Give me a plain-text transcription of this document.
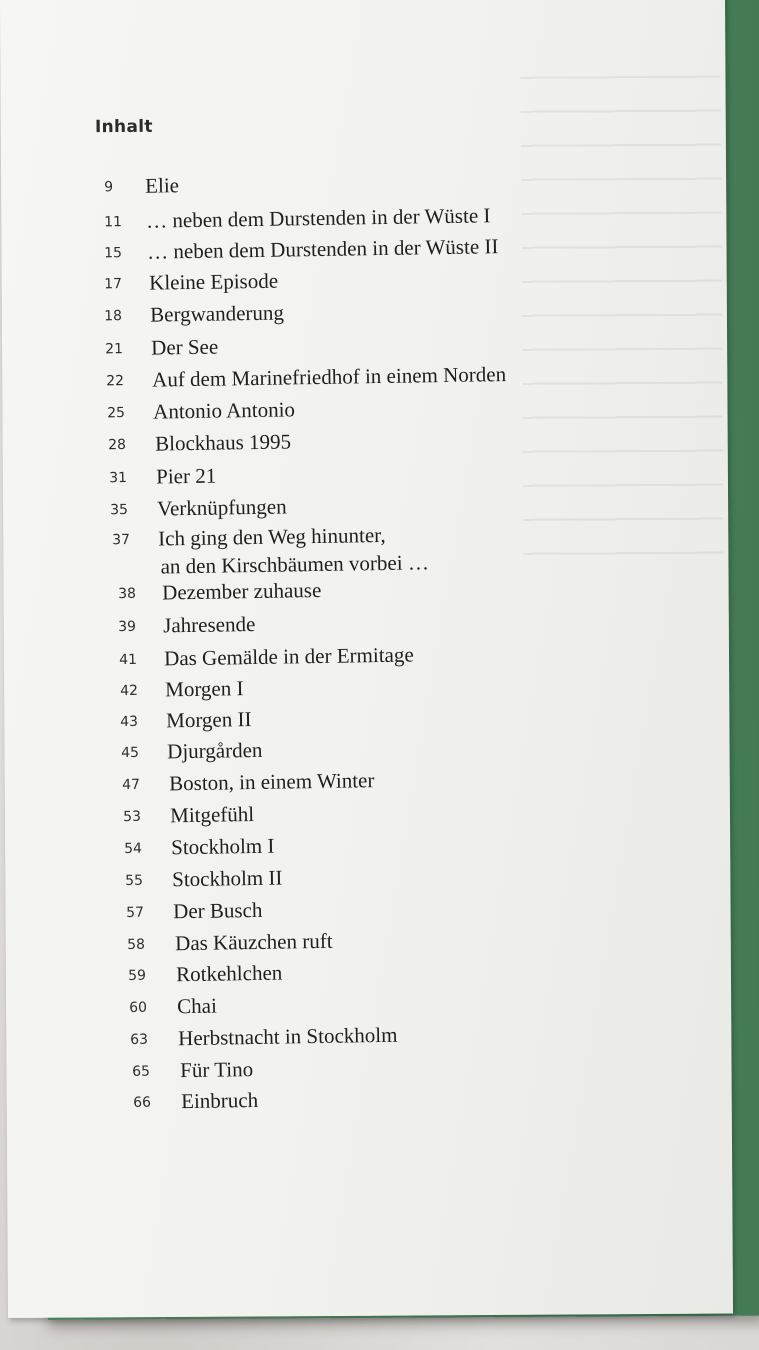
Inhalt
9 Elie
11 … neben dem Durstenden in der Wüste I
15 … neben dem Durstenden in der Wüste II
17 Kleine Episode
18 Bergwanderung
21 Der See
22 Auf dem Marinefriedhof in einem Norden
25 Antonio Antonio
28 Blockhaus 1995
31 Pier 21
35 Verknüpfungen
37 Ich ging den Weg hinunter,
an den Kirschbäumen vorbei …
38 Dezember zuhause
39 Jahresende
41 Das Gemälde in der Ermitage
42 Morgen I
43 Morgen II
45 Djurgården
47 Boston, in einem Winter
53 Mitgefühl
54 Stockholm I
55 Stockholm II
57 Der Busch
58 Das Käuzchen ruft
59 Rotkehlchen
60 Chai
63 Herbstnacht in Stockholm
65 Für Tino
66 Einbruch
